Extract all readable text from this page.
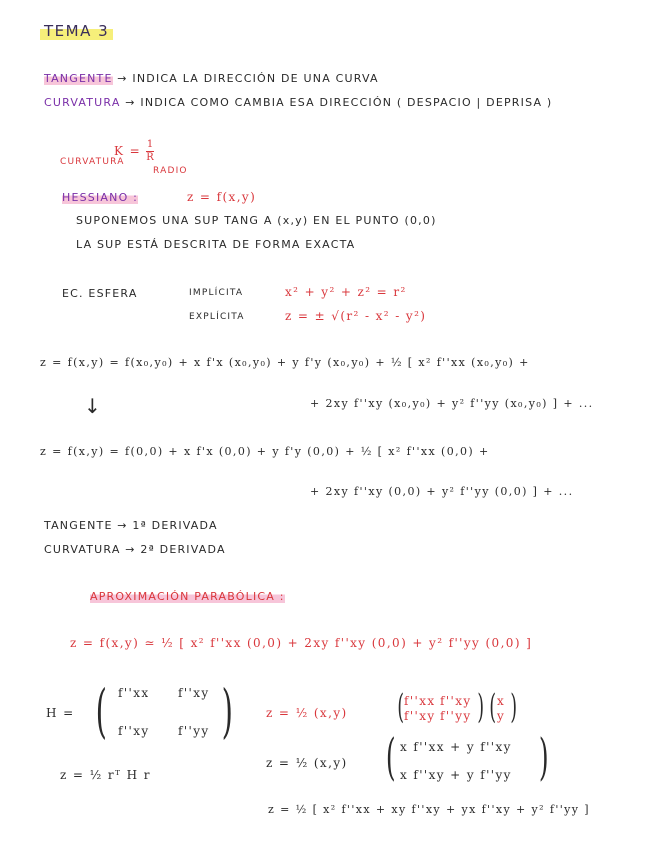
TEMA 3
TANGENTE → INDICA LA DIRECCIÓN DE UNA CURVA
CURVATURA → INDICA COMO CAMBIA ESA DIRECCIÓN ( DESPACIO | DEPRISA )
$K = \frac{1}{R}$
CURVATURA
RADIO
HESSIANO :	z = f(x,y)
SUPONEMOS UNA SUP TANG A (x,y) EN EL PUNTO (0,0)
LA SUP ESTÁ DESCRITA DE FORMA EXACTA
EC. ESFERA	IMPLÍCITA	x² + y² + z² = r²
EXPLÍCITA	z = ± √(r² - x² - y²)
z = f(x,y) = f(x₀,y₀) + x f'x (x₀,y₀) + y f'y (x₀,y₀) + ½ [ x² f''xx (x₀,y₀) +
↓	+ 2xy f''xy (x₀,y₀) + y² f''yy (x₀,y₀) ] + ...
z = f(x,y) = f(0,0) + x f'x (0,0) + y f'y (0,0) + ½ [ x² f''xx (0,0) +
+ 2xy f''xy (0,0) + y² f''yy (0,0) ] + ...
TANGENTE → 1ª DERIVADA
CURVATURA → 2ª DERIVADA
APROXIMACIÓN PARABÓLICA :
z = f(x,y) ≃ ½ [ x² f''xx (0,0) + 2xy f''xy (0,0) + y² f''yy (0,0) ]
H = ( f''xx f''xy
f''xy f''yy )
z = ½ rᵀ H r
z = ½ (x,y) ( f''xx f''xy
f''xy f''yy ) ( x
y )
z = ½ (x,y) ( x f''xx + y f''xy
x f''xy + y f''yy )
z = ½ [ x² f''xx + xy f''xy + yx f''xy + y² f''yy ]
